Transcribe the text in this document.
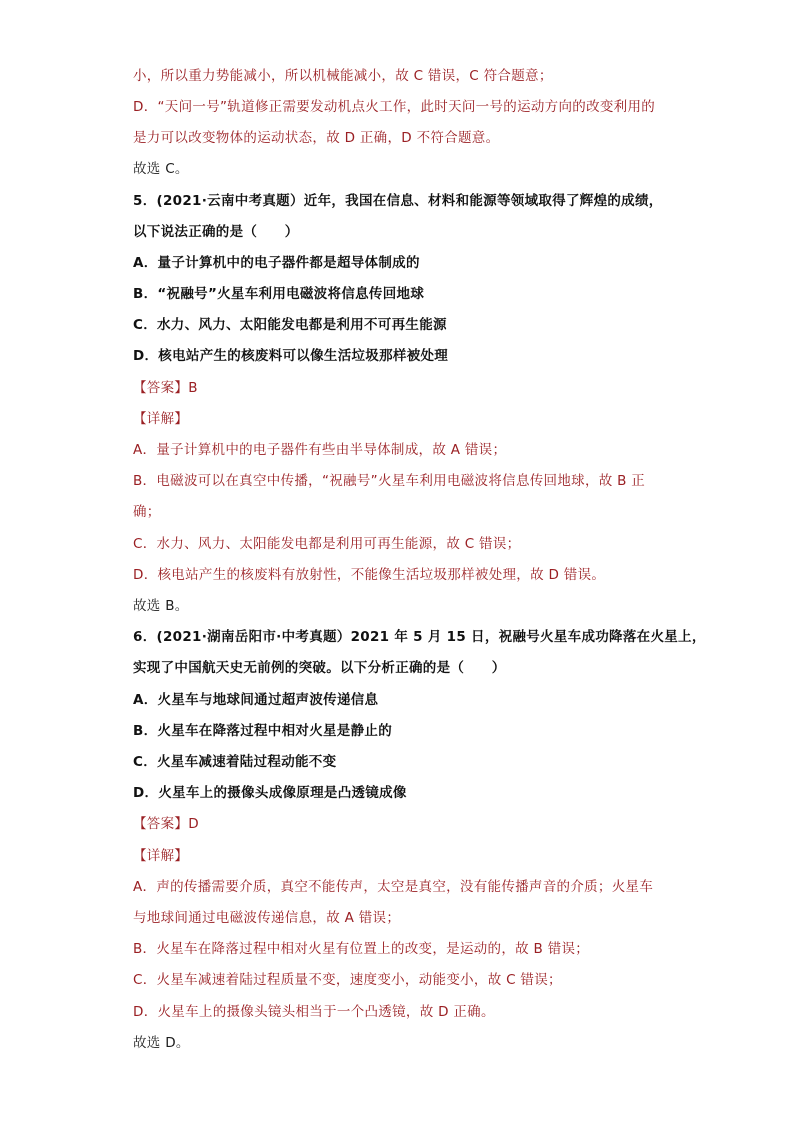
小，所以重力势能减小，所以机械能减小，故 C 错误，C 符合题意；
D．“天问一号”轨道修正需要发动机点火工作，此时天问一号的运动方向的改变利用的
是力可以改变物体的运动状态，故 D 正确，D 不符合题意。
故选 C。
5．(2021·云南中考真题）近年，我国在信息、材料和能源等领域取得了辉煌的成绩，
以下说法正确的是（　　）
A．量子计算机中的电子器件都是超导体制成的
B．“祝融号”火星车利用电磁波将信息传回地球
C．水力、风力、太阳能发电都是利用不可再生能源
D．核电站产生的核废料可以像生活垃圾那样被处理
【答案】B
【详解】
A．量子计算机中的电子器件有些由半导体制成，故 A 错误；
B．电磁波可以在真空中传播，“祝融号”火星车利用电磁波将信息传回地球，故 B 正
确；
C．水力、风力、太阳能发电都是利用可再生能源，故 C 错误；
D．核电站产生的核废料有放射性，不能像生活垃圾那样被处理，故 D 错误。
故选 B。
6．(2021·湖南岳阳市·中考真题）2021 年 5 月 15 日，祝融号火星车成功降落在火星上，
实现了中国航天史无前例的突破。以下分析正确的是（　　）
A．火星车与地球间通过超声波传递信息
B．火星车在降落过程中相对火星是静止的
C．火星车减速着陆过程动能不变
D．火星车上的摄像头成像原理是凸透镜成像
【答案】D
【详解】
A．声的传播需要介质，真空不能传声，太空是真空，没有能传播声音的介质；火星车
与地球间通过电磁波传递信息，故 A 错误；
B．火星车在降落过程中相对火星有位置上的改变，是运动的，故 B 错误；
C．火星车减速着陆过程质量不变，速度变小，动能变小，故 C 错误；
D．火星车上的摄像头镜头相当于一个凸透镜，故 D 正确。
故选 D。
